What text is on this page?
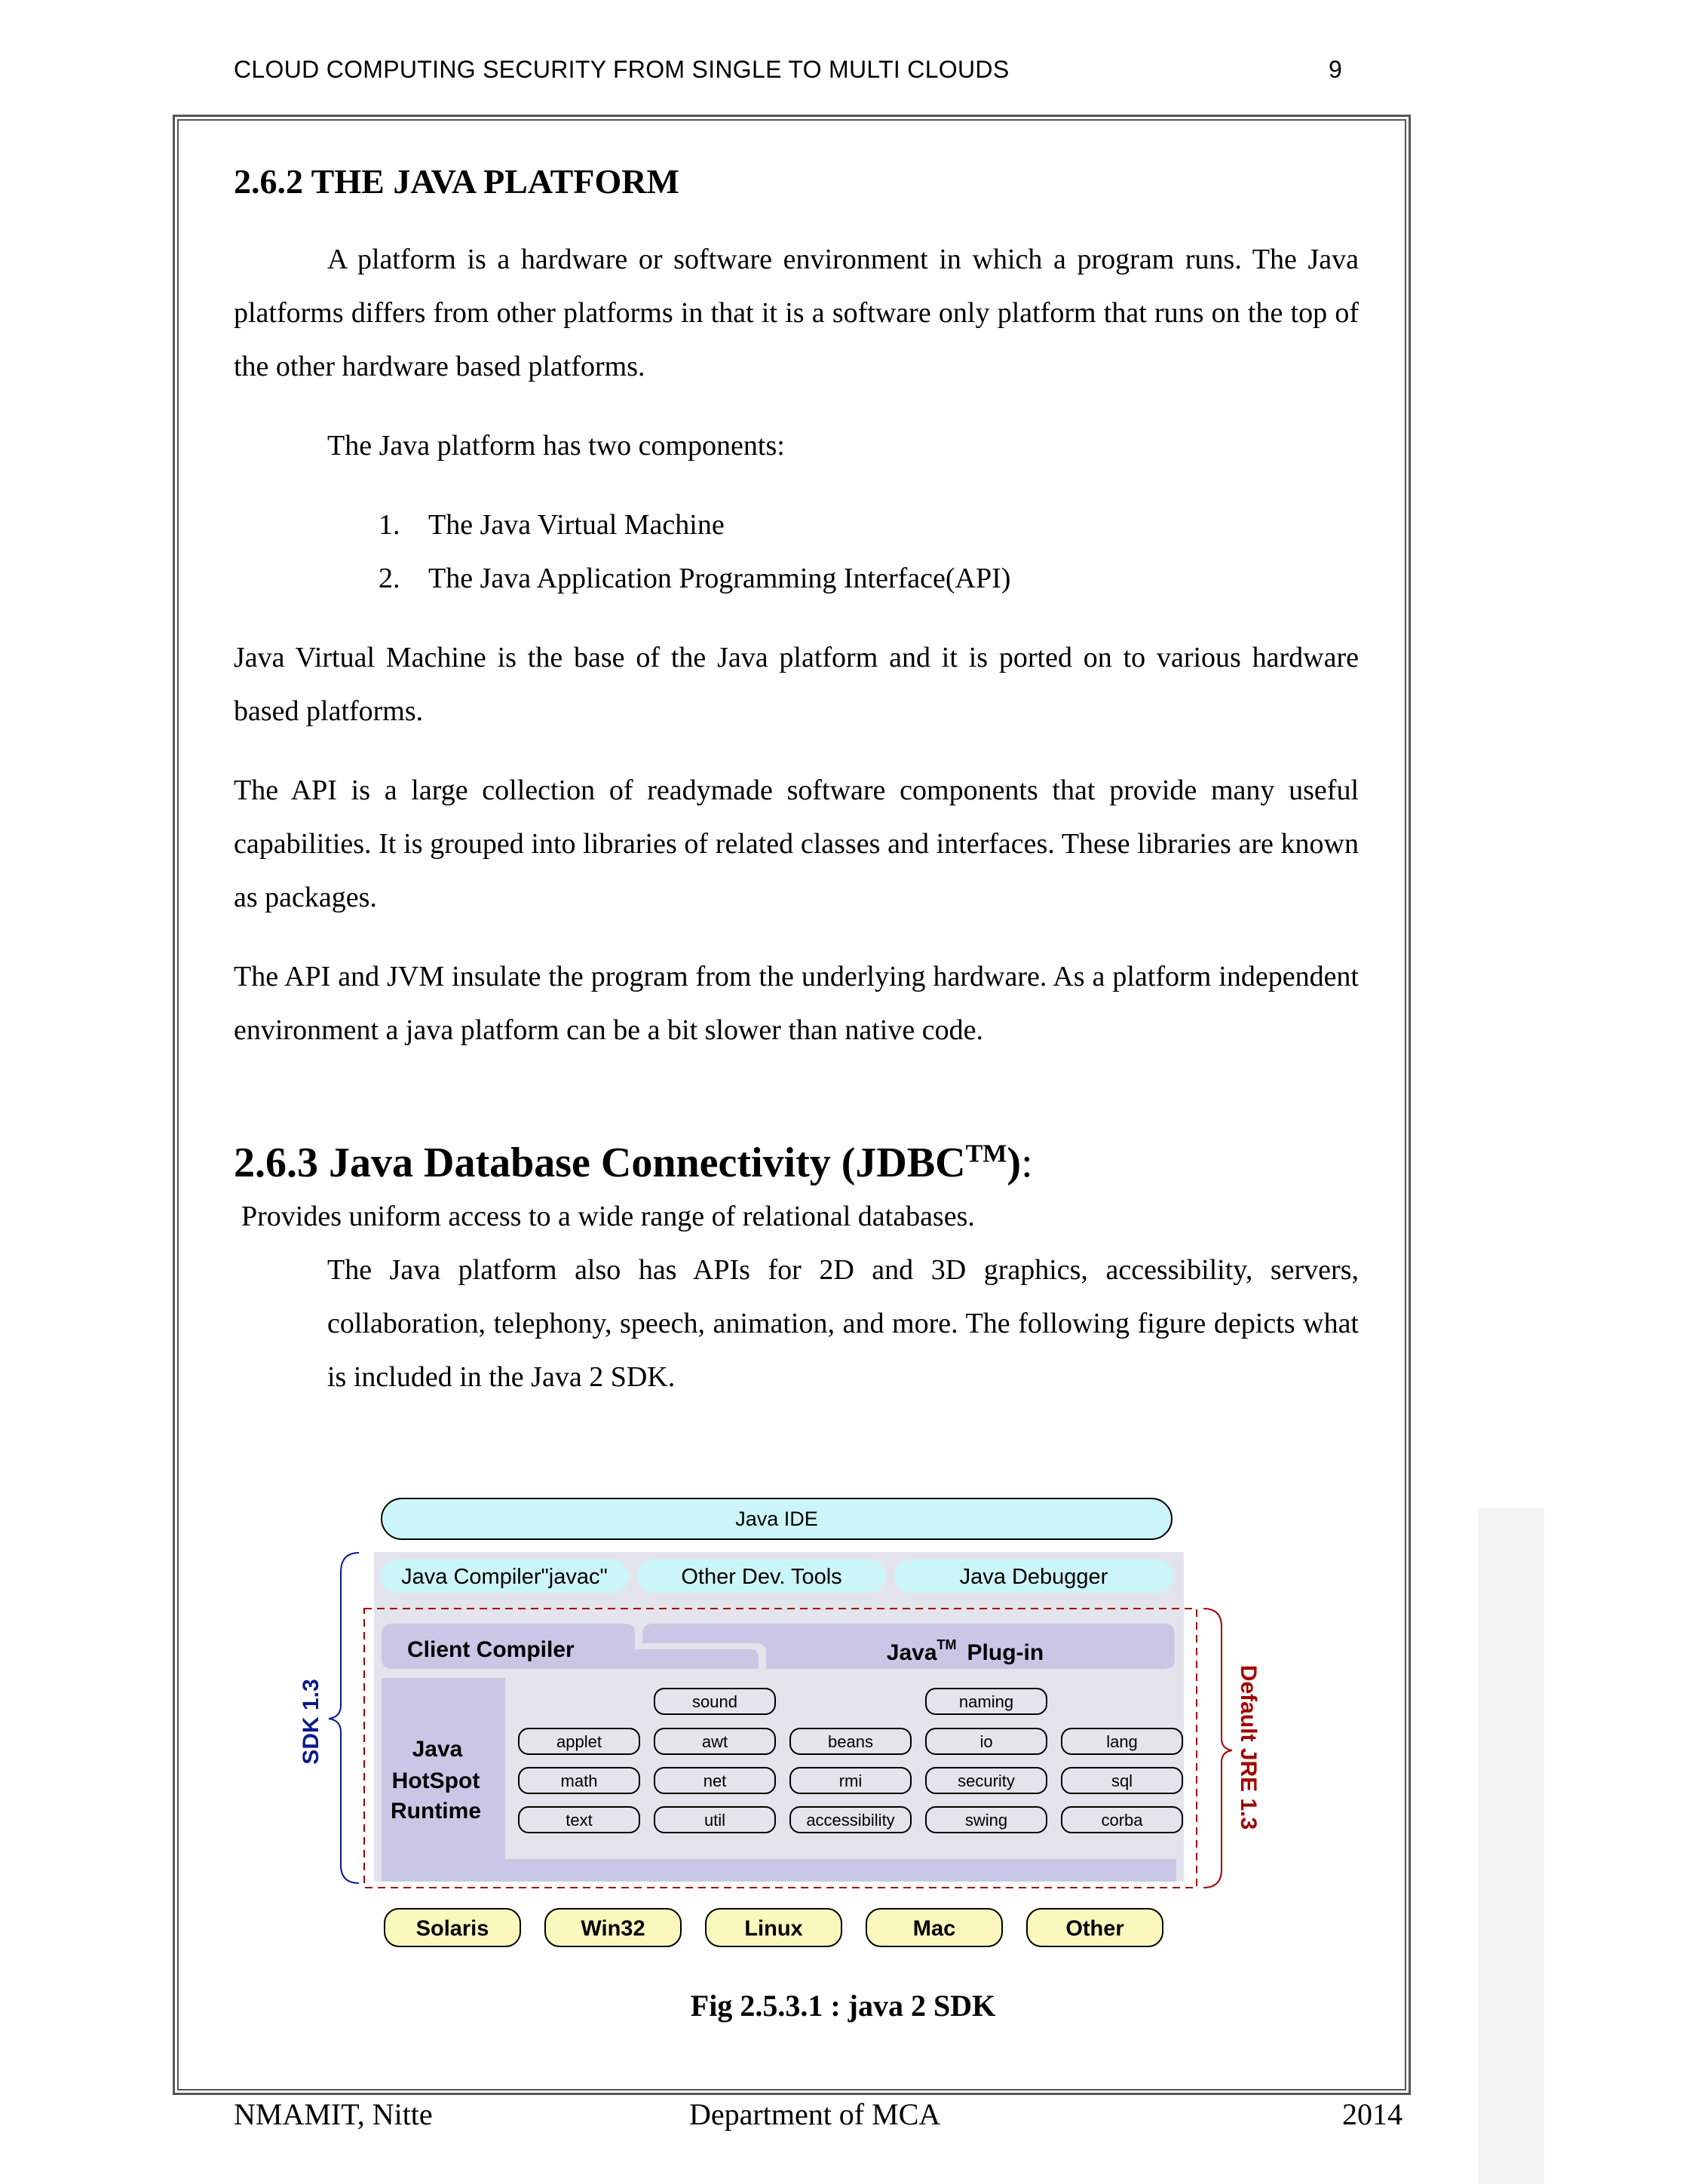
CLOUD COMPUTING SECURITY FROM SINGLE TO MULTI CLOUDS	9
2.6.2 THE JAVA PLATFORM

A platform is a hardware or software environment in which a program runs. The Java platforms differs from other platforms in that it is a software only platform that runs on the top of the other hardware based platforms.

The Java platform has two components:

1. The Java Virtual Machine
2. The Java Application Programming Interface(API)

Java Virtual Machine is the base of the Java platform and it is ported on to various hardware based platforms.

The API is a large collection of readymade software components that provide many useful capabilities. It is grouped into libraries of related classes and interfaces. These libraries are known as packages.

The API and JVM insulate the program from the underlying hardware. As a platform independent environment a java platform can be a bit slower than native code.

2.6.3 Java Database Connectivity (JDBC™):

Provides uniform access to a wide range of relational databases.

The Java platform also has APIs for 2D and 3D graphics, accessibility, servers, collaboration, telephony, speech, animation, and more. The following figure depicts what is included in the Java 2 SDK.

Java IDE
Java Compiler"javac"	Other Dev. Tools	Java Debugger
Client Compiler	Java™ Plug-in
Java
HotSpot
Runtime
sound	naming
applet	awt	beans	io	lang
math	net	rmi	security	sql
text	util	accessibility	swing	corba
SDK 1.3	Default JRE 1.3
Solaris	Win32	Linux	Mac	Other
Fig 2.5.3.1 : java 2 SDK
NMAMIT, Nitte	Department of MCA	2014
